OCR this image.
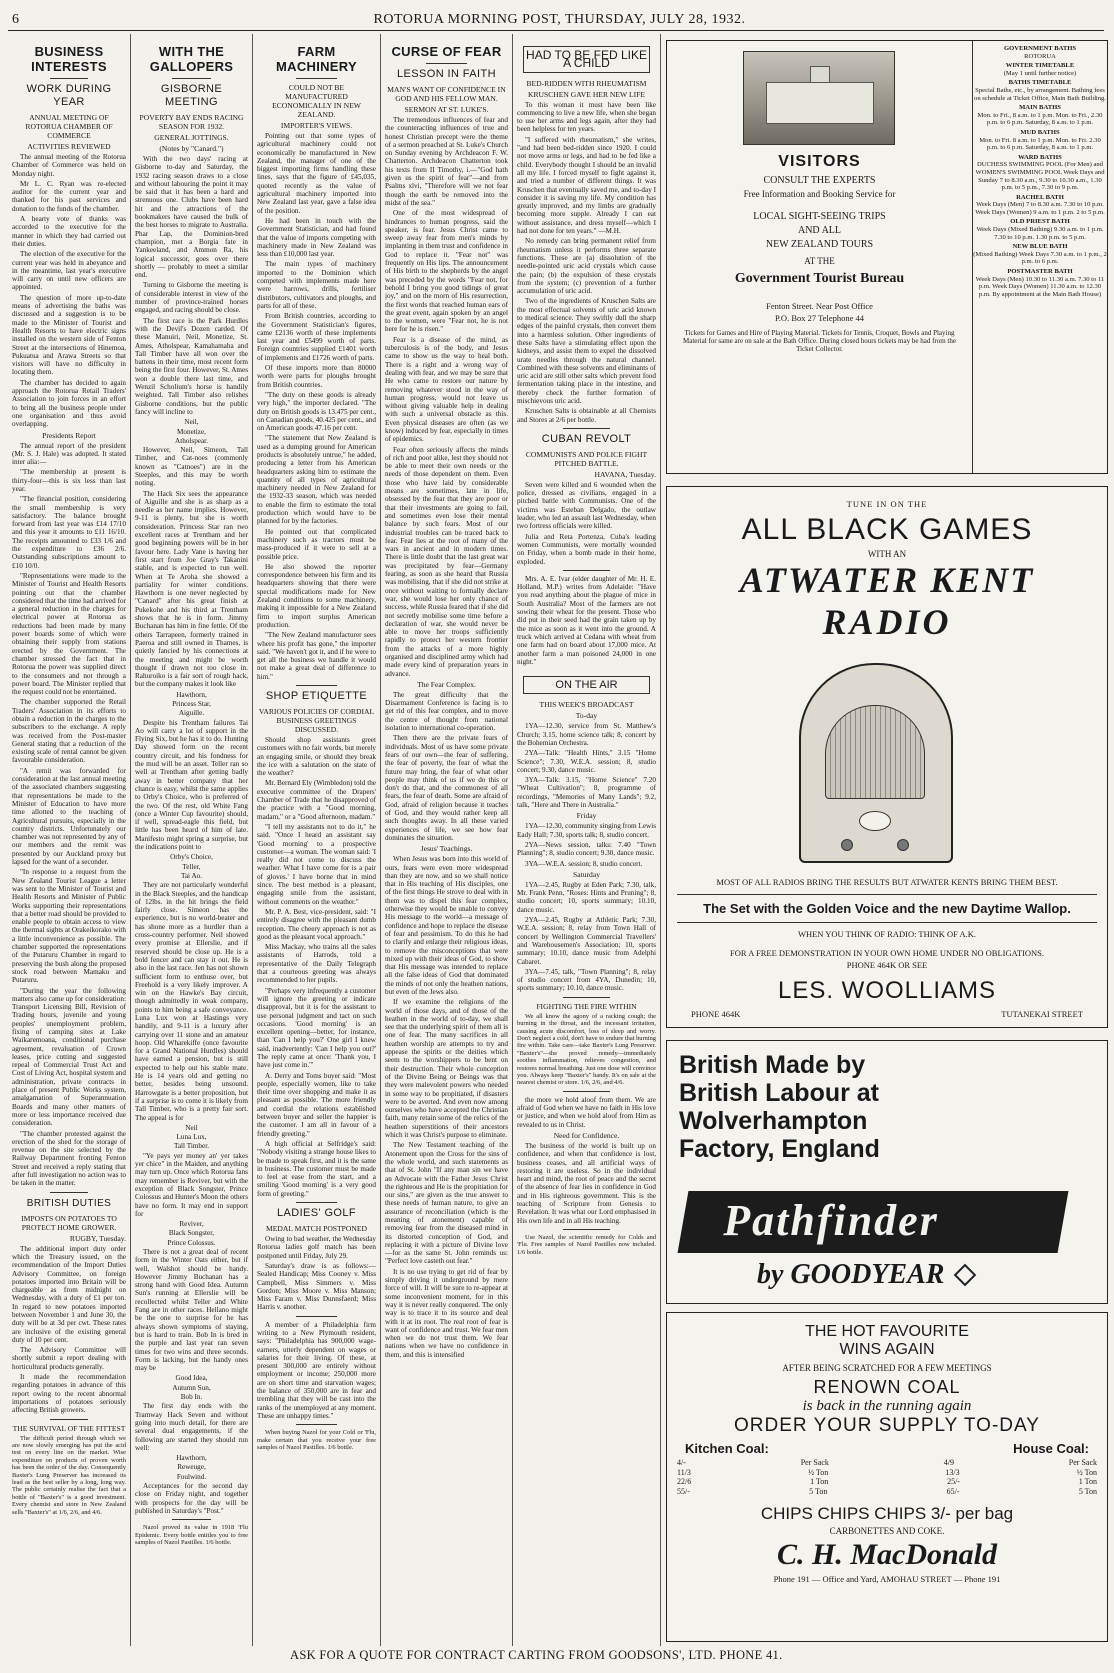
6	ROTORUA MORNING POST, THURSDAY, JULY 28, 1932.
BUSINESS INTERESTS
WORK DURING YEAR
ANNUAL MEETING OF ROTORUA CHAMBER OF COMMERCE
ACTIVITIES REVIEWED

The annual meeting of the Rotorua Chamber of Commerce was held on Monday night.

Mr L. C. Ryan was re-elected auditor for the current year and thanked for his past services and donation to the funds of the chamber.

A hearty vote of thanks was accorded to the executive for the manner in which they had carried out their duties.

The election of the executive for the current year was held in abeyance and in the meantime, last year's executive will carry on until new officers are appointed.

The question of more up-to-date means of advertising the baths was discussed and a suggestion is to be made to the Minister of Tourist and Health Resorts to have electric signs installed on the western side of Fenton Street at the intersections of Hinemoa, Pukuatua and Arawa Streets so that visitors will have no difficulty in locating them.

The chamber has decided to again approach the Rotorua Retail Traders' Association to join forces in an effort to bring all the business people under one organisation and thus avoid overlapping.

Presidents Report

The annual report of the president (Mr. S. J. Hale) was adopted. It stated inter alia:—

"The membership at present is thirty-four—this is six less than last year.

"The financial position, considering the small membership is very satisfactory. The balance brought forward from last year was £14 17/10 and this year it amounts to £11 16/10. The receipts amounted to £33 1/6 and the expenditure to £36 2/6. Outstanding subscriptions amount to £10 10/0.

"Representations were made to the Minister of Tourist and Health Resorts pointing out that the chamber considered that the time had arrived for a general reduction in the charges for electrical power at Rotorua as reductions had been made by many power boards some of which were obtaining their supply from stations erected by the Government. The chamber stressed the fact that in Rotorua the power was supplied direct to the consumers and not through a power board. The Minister replied that the request could not be entertained.

The chamber supported the Retail Traders' Association in its efforts to obtain a reduction in the charges to the subscribers to the exchange. A reply was received from the Post-master General stating that a reduction of the existing scale of rental cannot be given favourable consideration.

"A remit was forwarded for consideration at the last annual meeting of the associated chambers suggesting that representations be made to the Minister of Education to have more time allotted to the teaching of Agricultural pursuits, especially in the country districts. Unfortunately our chamber was not represented by any of our members and the remit was presented by our Auckland proxy but lapsed for the want of a seconder.

"In response to a request from the New Zealand Tourist League a letter was sent to the Minister of Tourist and Health Resorts and Minister of Public Works supporting their representations that a better road should be provided to enable people to obtain access to view the thermal sights at Orakeikorako with a little inconvenience as possible. The chamber supported the representations of the Putaruru Chamber in regard to preserving the bush along the proposed stock road between Mamaku and Putaruru.

"During the year the following matters also came up for consideration: Transport Licensing Bill, Revision of Trading hours, juvenile and young peoples' unemployment problem, fixing of camping sites at Lake Waikaremoana, conditional purchase agreement, revaluation of Crown leases, price cutting and suggested repeal of Commercial Trust Act and Cost of Living Act, hospital system and administration, private contracts in place of present Public Works system, amalgamation of Superannuation Boards and many other matters of more or less importance received due consideration.

"The chamber protested against the erection of the shed for the storage of revenue on the site selected by the Railway Department fronting Fenton Street and received a reply stating that after full investigation no action was to be taken in the matter.

BRITISH DUTIES
IMPOSTS ON POTATOES TO PROTECT HOME GROWER.
RUGBY, Tuesday.

The additional import duty order which the Treasury issued, on the recommendation of the Import Duties Advisory Committee, on foreign potatoes imported into Britain will be chargeable as from midnight on Wednesday, with a duty of £1 per ton. In regard to new potatoes imported between November 1 and June 30, the duty will be at 3d per cwt. These rates are inclusive of the existing general duty of 10 per cent.

The Advisory Committee will shortly submit a report dealing with horticultural products generally.

It made the recommendation regarding potatoes in advance of this report owing to the recent abnormal importations of potatoes seriously affecting British growers.

THE SURVIVAL OF THE FITTEST

The difficult period through which we are now slowly emerging has put the acid test on every line on the market. Wise expenditure on products of proven worth has been the order of the day. Consequently Baxter's Lung Preserver has increased its lead as the best seller by a long, long way. The public certainly realise the fact that a bottle of "Baxter's" is a good investment. Every chemist and store in New Zealand sells "Baxter's" at 1/6, 2/6, and 4/6.

WITH THE GALLOPERS
GISBORNE MEETING
POVERTY BAY ENDS RACING SEASON FOR 1932.
GENERAL JOTTINGS.
(Notes by "Canard.")

With the two days' racing at Gisborne to-day and Saturday, the 1932 racing season draws to a close and without labouring the point it may be said that it has been a hard and strenuous one. Clubs have been hard hit and the attractions of the bookmakers have caused the bulk of the best horses to migrate to Australia. Phar Lap, the Dominion-bred champion, met a Borgia fate in Yankeeland, and Ammon Ra, his logical successor, goes over there shortly — probably to meet a similar end.

Turning to Gisborne the meeting is of considerable interest in view of the number of province-trained horses engaged, and racing should be close.

The first race is the Park Hurdles with the Devil's Dozen carded. Of these Manuiri, Neil, Monetize, St. Ames, Atholspear, Kamahamaha and Tall Timber have all won over the battens in their time, most recent form being the first four. However, St. Ames won a double there last time, and Wenzil Scholium's horse is handily weighted. Tall Timber also relishes Gisborne conditions, but the public fancy will incline to

Neil,
Monetize,
Atholspear.

However, Neil, Simeon, Tall Timber, and Cat-noes (commonly known as "Catnoes") are in the Steeples, and this may be worth noting.

The Hack Six sees the appearance of Aiguille and she is as sharp as a needle as her name implies. However, 9-11 is plenty, but she is worth consideration. Princess Star ran two excellent races at Trentham and her good beginning powers will be in her favour here. Lady Vane is having her first start from Joe Gray's Takanini stable, and is expected to run well. When at Te Aroha she showed a partiality for winter conditions. Hawthorn is one never neglected by "Canard" after his great finish at Pukekohe and his third at Trentham shows that he is in form. Jimmy Buchanan has him in fine fettle. Of the others Tarrapeen, formerly trained in Paeroa and still owned in Thames, is quietly fancied by his connections at the meeting and might be worth thought if drawn not too close in. Rahuroiko is a fair sort of rough hack, but the company makes it look like

Hawthorn,
Princess Star,
Aiguille.

Despite his Trentham failures Tai Ao will carry a lot of support in the Flying Six, but he has it to do. Hunting Day showed form on the recent country circuit, and his fondness for the mud will be an asset. Teller ran so well at Trentham after getting badly away in better company that her chance is easy, whilst the same applies to Orby's Choice, who is preferred of the two. Of the rest, old White Fang (once a Winter Cup favourite) should, if well, spread-eagle this field, but little has been heard of him of late. Manifesto might spring a surprise, but the indications point to

Orby's Choice,
Teller,
Tai Ao.

They are not particularly wonderful in the Black Steeples, and the handicap of 12lbs. in the bit brings the field fairly close. Simeon has the experience, but is no world-beater and has shone more as a hurdler than a cross-country performer. Neil showed every promise at Ellerslie, and if reserved should be close up. He is a bold fencer and can stay it out. He is also in the last race. Jen has not shown sufficient form to enthuse over, but Freehold is a very likely improver. A win on the Hawke's Bay circuit, though admittedly in weak company, points to him being a safe conveyance. Luna Lux won at Hastings very handily, and 9-11 is a luxury after carrying over 11 stone and an amateur hoop. Old Wharekiffe (once favourite for a Grand National Hurdles) should have earned a pension, but is still expected to help out his stable mate. He is 14 years old and getting no better, besides being unsound. Harrowgate is a better proposition, but if a surprise is to come it is likely from Tall Timber, who is a pretty fair sort. The appeal is for

Neil
Luna Lux,
Tall Timber.

"Ye pays yer money an' yer takes yer chice" in the Maiden, and anything may turn up. Once which Rotorua fans may remember is Reviver, but with the exception of Black Songster, Prince Colossus and Hunter's Moon the others have no form. It may end in support for

Reviver,
Black Songster,
Prince Colossus.

There is not a great deal of recent form in the Winter Oats either, but if well, Walshot should be handy. However Jimmy Buchanan has a strong hand with Good Idea. Autumn Sun's running at Ellerslie will be recollected whilst Teller and White Fang are in other races. Hellano might be the one to surprise for he has always shown symptoms of staying, but is hard to train. Bob In is bred in the purple and last year ran seven times for two wins and three seconds. Form is lacking, but the handy ones may be

Good Idea,
Autumn Sun,
Bob In.

The first day ends with the Tramway Hack Seven and without going into much detail, for there are several dual engagements, if the following are started they should run well:

Hawthorn,
Reweuge,
Foulwind.

Acceptances for the second day close on Friday night, and together with prospects for the day will be published in Saturday's "Post."

Nazol proved its value in 1918 'Flu Epidemic. Every bottle entitles you to free samples of Nazol Pastilles. 1/6 bottle.

FARM MACHINERY
COULD NOT BE MANUFACTURED ECONOMICALLY IN NEW ZEALAND.
IMPORTER'S VIEWS.

Pointing out that some types of agricultural machinery could not economically be manufactured in New Zealand, the manager of one of the biggest importing firms handling these lines, says that the figure of £45,035, quoted recently as the value of agricultural machinery imported into New Zealand last year, gave a false idea of the position.

He had been in touch with the Government Statistician, and had found that the value of imports competing with machinery made in New Zealand was less than £10,000 last year.

The main types of machinery imported to the Dominion which competed with implements made here were harrows, drills, fertiliser distributors, cultivators and ploughs, and parts for all of these.

From British countries, according to the Government Statistician's figures, came £2136 worth of these implements last year and £5499 worth of parts. Foreign countries supplied £1401 worth of implements and £1726 worth of parts.

Of these imports more than 80000 worth were parts for ploughs brought from British countries.

"The duty on these goods is already very high," the importer declared. "The duty on British goods is 13.475 per cent., on Canadian goods, 40.425 per cent., and on American goods 47.16 per cent.

"The statement that New Zealand is used as a dumping ground for American products is absolutely untrue," he added, producing a letter from his American headquarters asking him to estimate the quantity of all types of agricultural machinery needed in New Zealand for the 1932-33 season, which was needed to enable the firm to estimate the total production which would have to be planned for by the factories.

He pointed out that complicated machinery such as tractors must be mass-produced if it were to sell at a possible price.

He also showed the reporter correspondence between his firm and its headquarters showing that there were special modifications made for New Zealand conditions to some machinery, making it impossible for a New Zealand firm to import surplus American production.

"The New Zealand manufacturer sees where his profit has gone," the importer said. "We haven't got it, and if he were to get all the business we handle it would not make a great deal of difference to him."

SHOP ETIQUETTE
VARIOUS POLICIES OF CORDIAL BUSINESS GREETINGS DISCUSSED.

Should shop assistants greet customers with no fair words, but merely an engaging smile, or should they break the ice with a salutation on the state of the weather?

Mr. Bernard Ely (Wimbledon) told the executive committee of the Drapers' Chamber of Trade that he disapproved of the practice with a "Good morning, madam," or a "Good afternoon, madam."

"I tell my assistants not to do it," he said. "Once I heard an assistant say 'Good morning' to a prospective customer—a woman. The woman said: 'I really did not come to discuss the weather. What I have come for is a pair of gloves.' I have borne that in mind since. The best method is a pleasant, engaging smile from the assistant, without comments on the weather."

Mr. P. A. Best, vice-president, said: "I entirely disagree with the pleasant dumb reception. The cheery approach is not as good as the pleasant vocal approach."

Miss Mackay, who trains all the sales assistants of Harrods, told a representative of the Daily Telegraph that a courteous greeting was always recommended to her pupils.

"Perhaps very infrequently a customer will ignore the greeting or indicate disapproval, but it is for the assistant to use personal judgment and tact on such occasions. 'Good morning' is an excellent opening—better, for instance, than 'Can I help you?' One girl I knew said, inadvertently: 'Can I help you out?' The reply came at once: 'Thank you, I have just come in.'"

A. Derry and Toms buyer said: "Most people, especially women, like to take their time over shopping and make it as pleasant as possible. The more friendly and cordial the relations established between buyer and seller the happier is the customer. I am all in favour of a friendly greeting."

A high official at Selfridge's said: "Nobody visiting a strange house likes to be made to speak first, and it is the same in business. The customer must be made to feel at ease from the start, and a smiling 'Good morning' is a very good form of greeting."

LADIES' GOLF
MEDAL MATCH POSTPONED

Owing to bad weather, the Wednesday Rotorua ladies golf match has been postponed until Friday, July 29.

Saturday's draw is as follows:— Sealed Handicap; Miss Cooney v. Miss Campbell, Miss Simmers v. Miss Gordon; Miss Moore v. Miss Manson; Miss Faram v. Miss Dunnsfaerd; Miss Harris v. another.

A member of a Philadelphia firm writing to a New Plymouth resident, says: "Philadelphia has 900,000 wage-earners, utterly dependent on wages or salaries for their living. Of these, at present 300,000 are entirely without employment or income; 250,000 more are on short time and starvation wages; the balance of 350,000 are in fear and trembling that they will be cast into the ranks of the unemployed at any moment. These are unhappy times."

When buying Nazol for your Cold or 'Flu, make certain that you receive your free samples of Nazol Pastilles. 1/6 bottle.

CURSE OF FEAR
LESSON IN FAITH
MAN'S WANT OF CONFIDENCE IN GOD AND HIS FELLOW MAN.
SERMON AT ST. LUKE'S.

The tremendous influences of fear and the counteracting influences of true and honest Christian precept were the theme of a sermon preached at St. Luke's Church on Sunday evening by Archdeacon F. W. Chatterton. Archdeacon Chatterton took his texts from II Timothy, i.—"God hath given us the spirit of fear"—and from Psalms xlvi, "Therefore will we not fear though the earth be removed into the midst of the sea."

One of the most widespread of hindrances to human progress, said the speaker, is fear. Jesus Christ came to sweep away fear from men's minds by implanting in them trust and confidence in God to replace it. "Fear not" was frequently on His lips. The announcement of His birth to the shepherds by the angel was preceded by the words "Fear not, for behold I bring you good tidings of great joy," and on the morn of His resurrection, the first words that reached human ears of the great event, again spoken by an angel to the women, were "Fear not, he is not here for he is risen."

Fear is a disease of the mind, as tuberculosis is of the body, and Jesus came to show us the way to heal both. There is a right and a wrong way of dealing with fear, and we may be sure that He who came to restore our nature by removing whatever stood in the way of human progress, would not leave us without giving valuable help in dealing with such a universal obstacle as this. Even physical diseases are often (as we know) induced by fear, especially in times of epidemics.

Fear often seriously affects the minds of rich and poor alike, lest they should not be able to meet their own needs or the needs of those dependent on them. Even those who have laid by considerable means are sometimes, late in life, obsessed by the fear that they are poor or that their investments are going to fail, and sometimes even lose their mental balance by such fears. Most of our industrial troubles can be traced back to fear. Fear lies at the root of many of the wars in ancient and in modern times. There is little doubt that the last great war was precipitated by fear—Germany fearing, as soon as she heard that Russia was mobilising, that if she did not strike at once without waiting to formally declare war, she would lose her only chance of success, while Russia feared that if she did not secretly mobilise some time before a declaration of war, she would never be able to move her troops sufficiently rapidly to protect her western frontier from the attacks of a more highly organised and disciplined army which had made every kind of preparation years in advance.

The Fear Complex.

The great difficulty that the Disarmament Conference is facing is to get rid of this fear complex, and to move the centre of thought from national isolation to international co-operation.

Then there are the private fears of individuals. Most of us have some private fears of our own—the fear of suffering, the fear of poverty, the fear of what the future may bring, the fear of what other people may think of us if we do this or don't do that, and the commonest of all fears, the fear of death. Some are afraid of God, afraid of religion because it teaches of God, and they would rather keep all such thoughts away. In all these varied experiences of life, we see how fear dominates the situation.

Jesus' Teachings.

When Jesus was born into this world of ours, fears were even more widespread than they are now, and so we shall notice that in His teaching of His disciples, one of the first things He strove to deal with in them was to dispel this fear complex, otherwise they would be unable to convey His message to the world—a message of confidence and hope to replace the disease of fear and pessimism. To do this he had to clarify and enlarge their religious ideas, to remove the misconceptions that were mixed up with their ideas of God, to show that His message was intended to replace all the false ideas of God that dominated the minds of not only the heathen nations, but even of the Jews also.

If we examine the religions of the world of those days, and of those of the heathen in the world of to-day, we shall see that the underlying spirit of them all is one of fear. The many sacrifices in all heathen worship are attempts to try and appease the spirits or the deities which seem to the worshippers to be bent on their destruction. Their whole conception of the Divine Being or Beings was that they were malevolent powers who needed in some way to be propitiated, if disasters were to be averted. And even now among ourselves who have accepted the Christian faith, many retain some of the relics of the heathen superstitions of their ancestors which it was Christ's purpose to eliminate.

The New Testament teaching of the Atonement upon the Cross for the sins of the whole world, and such statements as that of St. John "If any man sin we have an Advocate with the Father Jesus Christ the righteous and He is the propitiation for our sins," are given as the true answer to these needs of human nature, to give an assurance of reconciliation (which is the meaning of atonement) capable of removing fear from the diseased mind in its distorted conception of God, and replacing it with a picture of Divine love—for as the same St. John reminds us: "Perfect love casteth out fear."

It is no use trying to get rid of fear by simply driving it underground by mere force of will. It will be sure to re-appear at some inconvenient moment, for in this way it is never really conquered. The only way is to trace it to its source and deal with it at its root. The real root of fear is want of confidence and trust. We fear men when we do not trust them. We fear nations when we have no confidence in them, and this is intensified

HAD TO BE FED LIKE A CHILD
BED-RIDDEN WITH RHEUMATISM
KRUSCHEN GAVE HER NEW LIFE

To this woman it must have been like commencing to live a new life, when she began to use her arms and legs again, after they had been helpless for ten years.

"I suffered with rheumatism," she writes, "and had been bed-ridden since 1920. I could not move arms or legs, and had to be fed like a child. Everybody thought I should be an invalid all my life. I forced myself to fight against it, and tried a number of different things. It was Kruschen that eventually saved me, and to-day I consider it is saving my life. My condition has greatly improved, and my limbs are gradually becoming more supple. Already I can eat without assistance, and dress myself—which I had not done for ten years." —M.H.

No remedy can bring permanent relief from rheumatism unless it performs three separate functions. These are (a) dissolution of the needle-pointed uric acid crystals which cause the pain; (b) the expulsion of these crystals from the system; (c) prevention of a further accumulation of uric acid.

Two of the ingredients of Kruschen Salts are the most effectual solvents of uric acid known to medical science. They swiftly dull the sharp edges of the painful crystals, then convert them into a harmless solution. Other ingredients of these Salts have a stimulating effect upon the kidneys, and assist them to expel the dissolved urate needles through the natural channel. Combined with these solvents and eliminants of uric acid are still other salts which prevent food fermentation taking place in the intestine, and thereby check the further formation of mischievous uric acid.

Kruschen Salts is obtainable at all Chemists and Stores at 2/6 per bottle.

CUBAN REVOLT
COMMUNISTS AND POLICE FIGHT PITCHED BATTLE.
HAVANA, Tuesday.

Seven were killed and 6 wounded when the police, dressed as civilians, engaged in a pitched battle with Communists. One of the victims was Esteban Delgado, the outlaw leader, who led an assault last Wednesday, when two fortress officials were killed.

Julia and Reta Portenza, Cuba's leading women Communists, were mortally wounded on Friday, when a bomb made in their home, exploded.

Mrs. A. E. Ivar (elder daughter of Mr. H. E. Holland, M.P.) writes from Adelaide: "Have you read anything about the plague of mice in South Australia? Most of the farmers are not sowing their wheat for the present. Those who did put in their seed had the grain taken up by the mice as soon as it went into the ground. A truck which arrived at Cedana with wheat from one farm had on board about 17,000 mice. At another farm a man poisoned 24,000 in one night."

ON THE AIR
THIS WEEK'S BROADCAST
To-day

1YA—12.30, service from St. Matthew's Church; 3.15, home science talk; 8, concert by the Bohemian Orchestra.

2YA—Talk: "Health Hints," 3.15 "Home Science"; 7.30, W.E.A. session; 8, studio concert; 9.30, dance music.

3YA—Talk: 3.15, "Home Science" 7.20 "Wheat Cultivation"; 8, programme of recordings, "Memories of Many Lands"; 9.2, talk, "Here and There in Australia."

Friday

1YA—12.30, community singing from Lewis Eady Hall; 7.30, sports talk; 8, studio concert.

2YA—News session, talks: 7.40 "Town Planning"; 8, studio concert; 9.30, dance music.

3YA—W.E.A. session; 8, studio concert.

Saturday

1YA—2.45, Rugby at Eden Park; 7.30, talk, Mr. Frank Penn, "Roses: Hints and Pruning"; 8, studio concert; 10, sports summary; 10.10, dance music.

2YA—2.45, Rugby at Athletic Park; 7.30, W.E.A. session; 8, relay from Town Hall of concert by Wellington Commercial Travellers' and Warehousemen's Association; 10, sports summary; 10.10, dance music from Adelphi Cabaret.

3YA—7.45, talk, "Town Planning"; 8, relay of studio concert from 4YA, Dunedin; 10, sports summary; 10.10, dance music.

FIGHTING THE FIRE WITHIN

We all know the agony of a racking cough; the burning in the throat, and the incessant irritation, causing acute discomfort, loss of sleep and worry. Don't neglect a cold, don't have to endure that burning fire within. Take care—take Baxter's Lung Preserver. "Baxter's"—the proved remedy—immediately soothes inflammation, relieves congestion, and restores normal breathing. Just one dose will convince you. Always keep "Baxter's" handy. It's on sale at the nearest chemist or store. 1/6, 2/6, and 4/6.

the more we hold aloof from them. We are afraid of God when we have no faith in His love or justice, and when we hold aloof from Him as revealed to us in Christ.

Need for Confidence.

The business of the world is built up on confidence, and when that confidence is lost, business ceases, and all artificial ways of restoring it are useless. So in the individual heart and mind, the root of peace and the secret of the absence of fear lies in confidence in God and in His righteous government. This is the teaching of Scripture from Genesis to Revelation. It was what our Lord emphasised in His own life and in all His teaching.

Use Nazol, the scientific remedy for Colds and 'Flu. Free samples of Nazol Pastilles now included. 1/6 bottle.

VISITORS
CONSULT THE EXPERTS
Free Information and Booking Service for
LOCAL SIGHT-SEEING TRIPS
AND ALL
NEW ZEALAND TOURS
AT THE
Government Tourist Bureau
Fenton Street. Near Post Office
P.O. Box 27 Telephone 44
Tickets for Games and Hire of Playing Material. Tickets for Tennis, Croquet, Bowls and Playing Material for same are on sale at the Bath Office. During closed hours tickets may be had from the Ticket Collector.
GOVERNMENT BATHS
ROTORUA
WINTER TIMETABLE
(May 1 until further notice)
BATHS TIMETABLE
Special Baths, etc., by arrangement. Bathing fees on schedule at Ticket Office, Main Bath Building.
MAIN BATHS
Mon. to Fri., 8 a.m. to 1 p.m. Mon. to Fri., 2.30 p.m. to 6 p.m. Saturday, 8 a.m. to 1 p.m.
MUD BATHS
Mon. to Fri. 8 a.m. to 1 p.m. Mon. to Fri. 2.30 p.m. to 6 p.m. Saturday, 8 a.m. to 1 p.m.
WARD BATHS
DUCHESS SWIMMING POOL (For Men) and WOMEN'S SWIMMING POOL Week Days and Sunday 7 to 8.30 a.m., 9.30 to 10.30 a.m., 1.30 p.m. to 5 p.m., 7.30 to 9 p.m.
RACHEL BATH
Week Days (Men) 7 to 8.30 a.m. 7.30 to 10 p.m. Week Days (Women) 9 a.m. to 1 p.m. 2 to 5 p.m.
OLD PRIEST BATH
Week Days (Mixed Bathing) 9.30 a.m. to 1 p.m. 7.30 to 10 p.m. 1.30 p.m. to 5 p.m.
NEW BLUE BATH
(Mixed Bathing) Week Days 7.30 a.m. to 1 p.m., 2 p.m. to 6 p.m.
POSTMASTER BATH
Week Days (Men) 10.30 to 11.30 a.m. 7.30 to 11 p.m. Week Days (Women) 11.30 a.m. to 12.30 p.m. By appointment at the Main Bath House)
TUNE IN ON THE
ALL BLACK GAMES
WITH AN
ATWATER KENT
RADIO
MOST OF ALL RADIOS BRING THE RESULTS BUT ATWATER KENTS BRING THEM BEST.
The Set with the Golden Voice and the new Daytime Wallop.
WHEN YOU THINK OF RADIO: THINK OF A.K.
FOR A FREE DEMONSTRATION IN YOUR OWN HOME UNDER NO OBLIGATIONS. PHONE 464K OR SEE
LES. WOOLLIAMS
PHONE 464K	TUTANEKAI STREET
British Made by
British Labour at
Wolverhampton
Factory, England
Pathfinder
by GOODYEAR
THE HOT FAVOURITE
WINS AGAIN
AFTER BEING SCRATCHED FOR A FEW MEETINGS
RENOWN COAL
is back in the running again
ORDER YOUR SUPPLY TO-DAY
Kitchen Coal:	House Coal:
4/-	Per Sack	4/9	Per Sack
11/3	½ Ton	13/3	½ Ton
22/6	1 Ton	25/-	1 Ton
55/-	5 Ton	65/-	5 Ton
CHIPS CHIPS CHIPS 3/- per bag
CARBONETTES AND COKE.
C. H. MacDonald
Phone 191 — Office and Yard, AMOHAU STREET — Phone 191
ASK FOR A QUOTE FOR CONTRACT CARTING FROM GOODSONS', LTD. PHONE 41.
